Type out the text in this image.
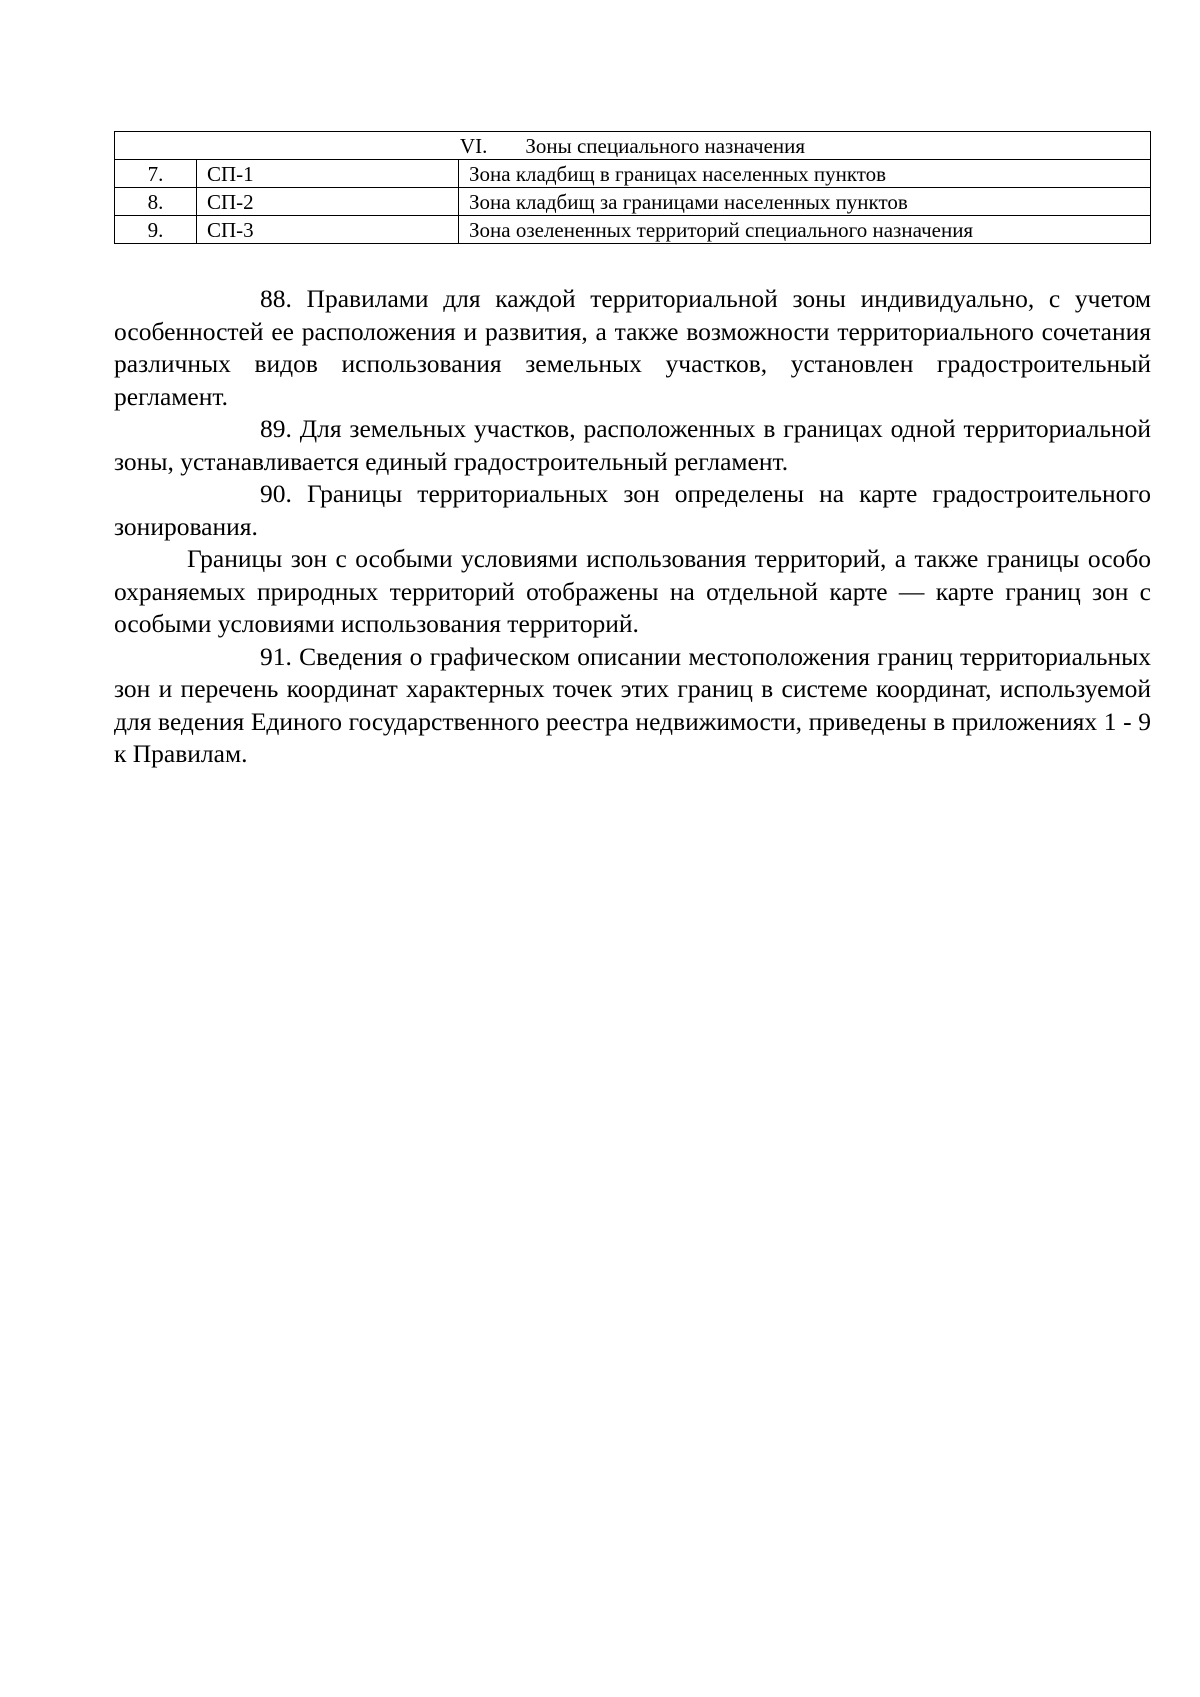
VI. Зоны специального назначения		
7.	СП-1	Зона кладбищ в границах населенных пунктов
8.	СП-2	Зона кладбищ за границами населенных пунктов
9.	СП-3	Зона озелененных территорий специального назначения

88. Правилами для каждой территориальной зоны индивидуально, с учетом особенностей ее расположения и развития, а также возможности территориального сочетания различных видов использования земельных участков, установлен градостроительный регламент.

89. Для земельных участков, расположенных в границах одной территориальной зоны, устанавливается единый градостроительный регламент.

90. Границы территориальных зон определены на карте градостроительного зонирования.

Границы зон с особыми условиями использования территорий, а также границы особо охраняемых природных территорий отображены на отдельной карте — карте границ зон с особыми условиями использования территорий.

91. Сведения о графическом описании местоположения границ территориальных зон и перечень координат характерных точек этих границ в системе координат, используемой для ведения Единого государственного реестра недвижимости, приведены в приложениях 1 - 9 к Правилам.
